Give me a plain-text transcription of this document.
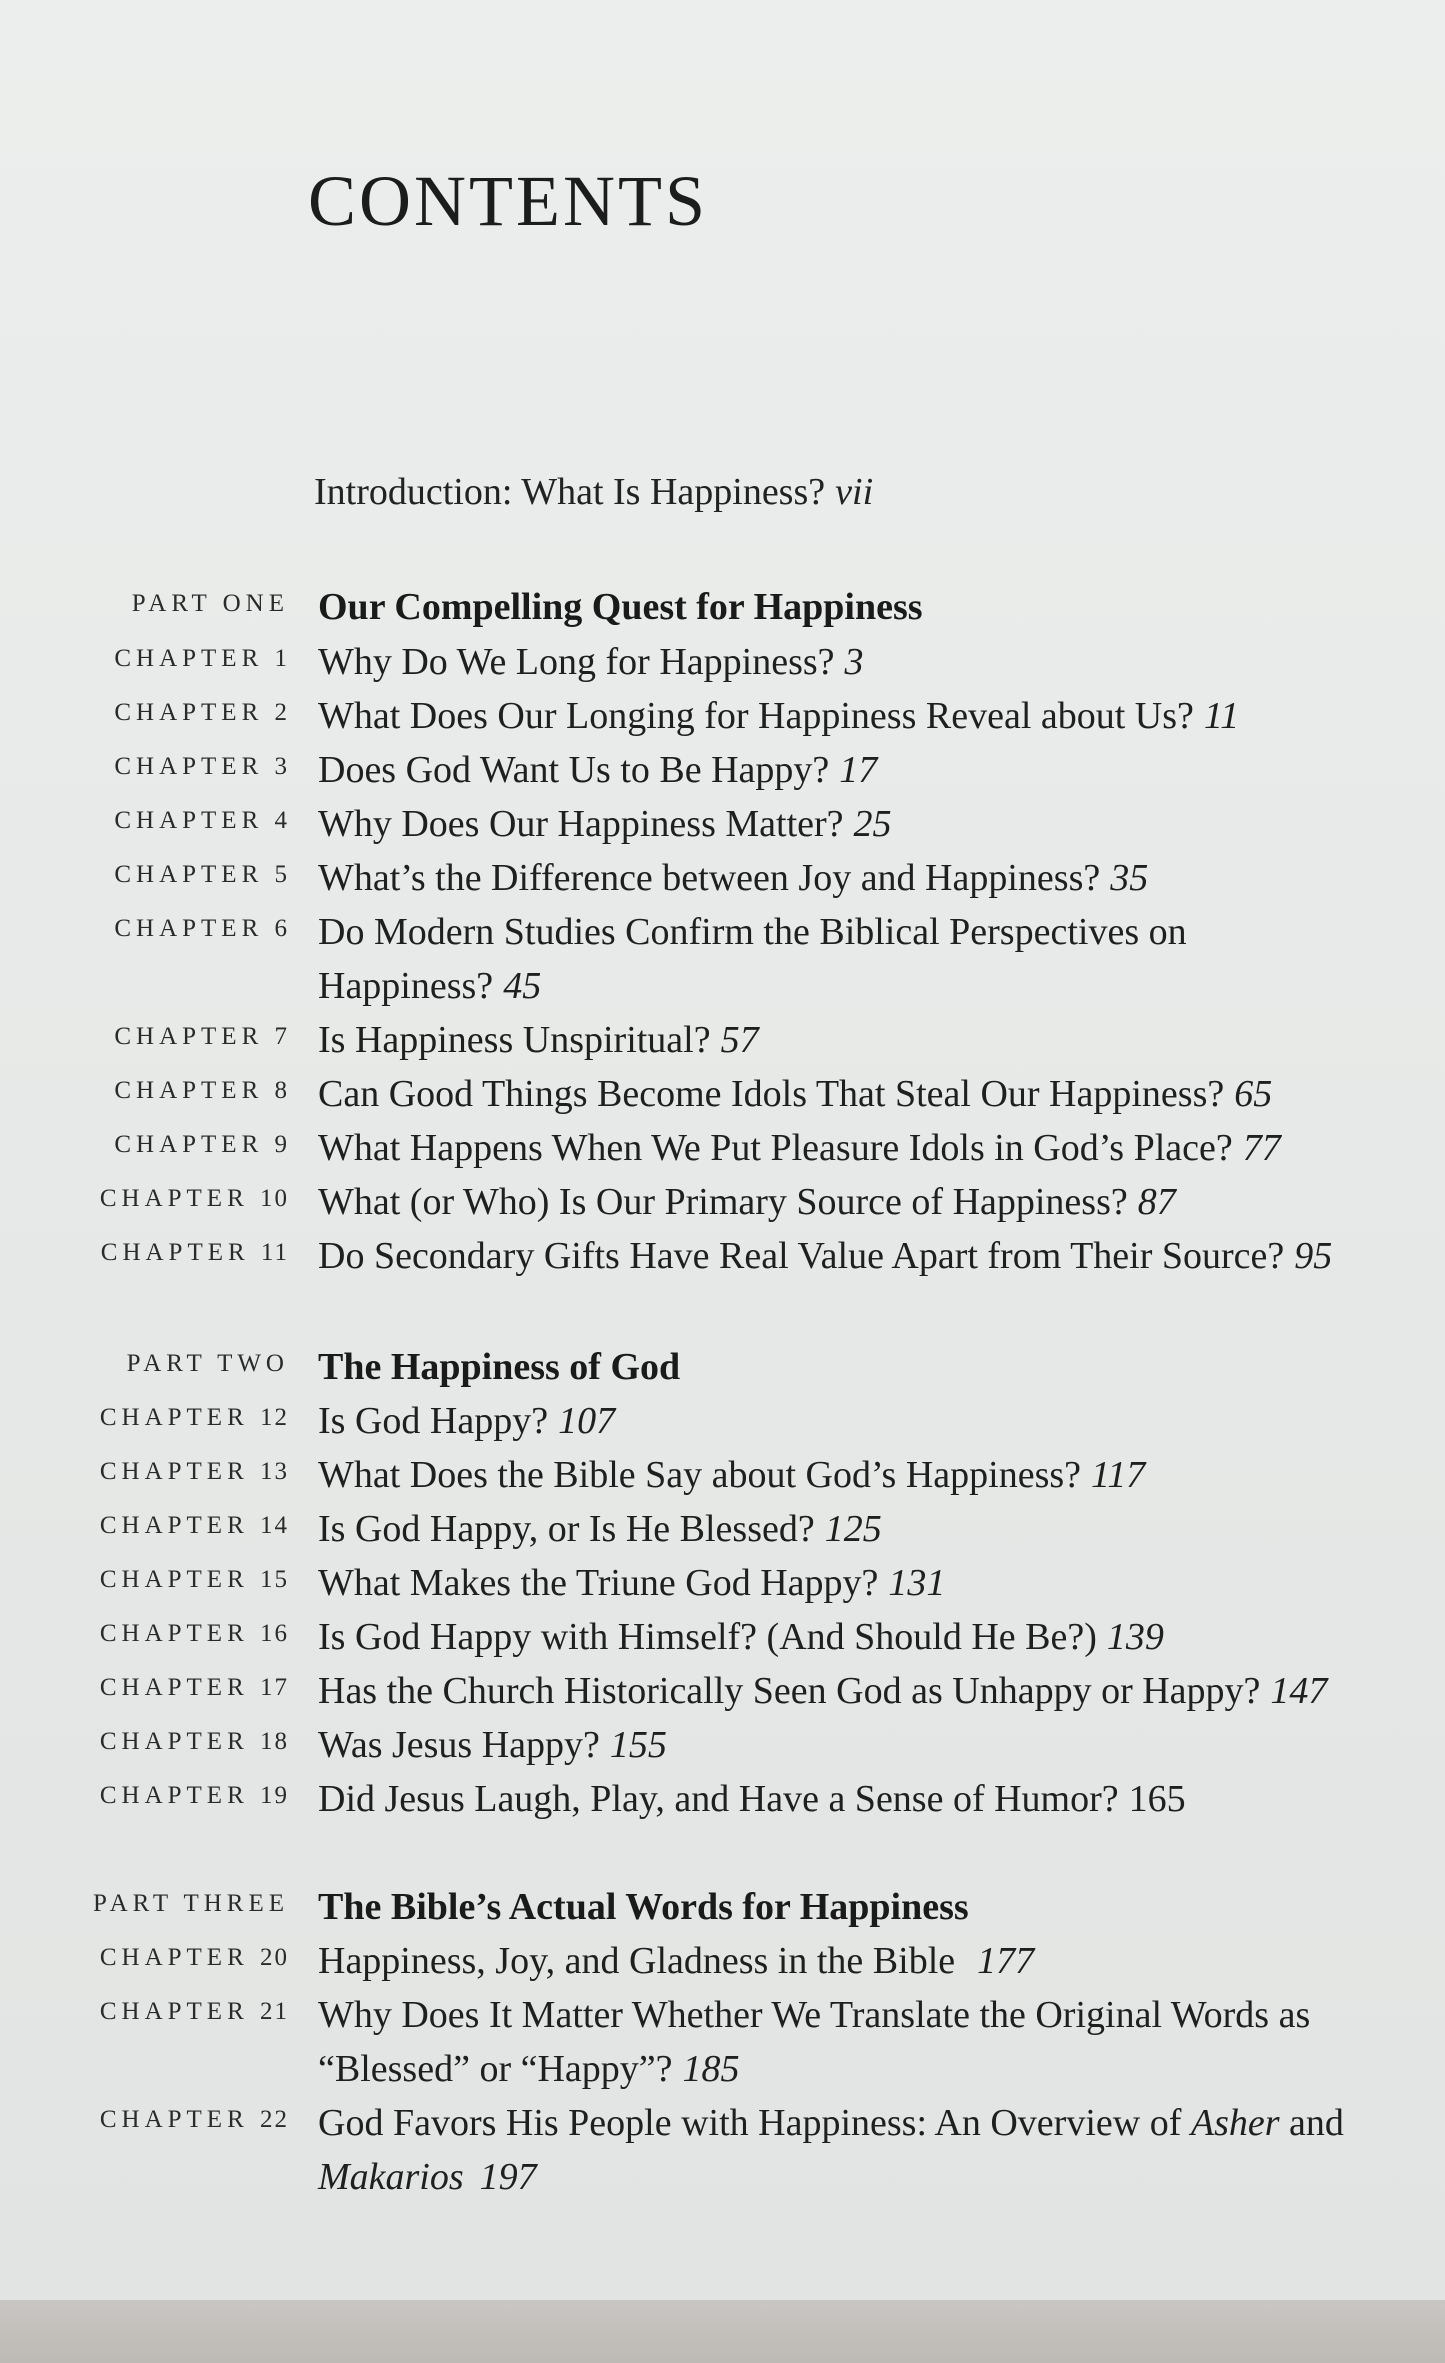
CONTENTS
Introduction: What Is Happiness? vii
PART ONE Our Compelling Quest for Happiness
CHAPTER 1 Why Do We Long for Happiness? 3
CHAPTER 2 What Does Our Longing for Happiness Reveal about Us? 11
CHAPTER 3 Does God Want Us to Be Happy? 17
CHAPTER 4 Why Does Our Happiness Matter? 25
CHAPTER 5 What’s the Difference between Joy and Happiness? 35
CHAPTER 6 Do Modern Studies Confirm the Biblical Perspectives on
Happiness? 45
CHAPTER 7 Is Happiness Unspiritual? 57
CHAPTER 8 Can Good Things Become Idols That Steal Our Happiness? 65
CHAPTER 9 What Happens When We Put Pleasure Idols in God’s Place? 77
CHAPTER 10 What (or Who) Is Our Primary Source of Happiness? 87
CHAPTER 11 Do Secondary Gifts Have Real Value Apart from Their Source? 95
PART TWO The Happiness of God
CHAPTER 12 Is God Happy? 107
CHAPTER 13 What Does the Bible Say about God’s Happiness? 117
CHAPTER 14 Is God Happy, or Is He Blessed? 125
CHAPTER 15 What Makes the Triune God Happy? 131
CHAPTER 16 Is God Happy with Himself? (And Should He Be?) 139
CHAPTER 17 Has the Church Historically Seen God as Unhappy or Happy? 147
CHAPTER 18 Was Jesus Happy? 155
CHAPTER 19 Did Jesus Laugh, Play, and Have a Sense of Humor? 165
PART THREE The Bible’s Actual Words for Happiness
CHAPTER 20 Happiness, Joy, and Gladness in the Bible 177
CHAPTER 21 Why Does It Matter Whether We Translate the Original Words as
“Blessed” or “Happy”? 185
CHAPTER 22 God Favors His People with Happiness: An Overview of Asher and
Makarios 197
